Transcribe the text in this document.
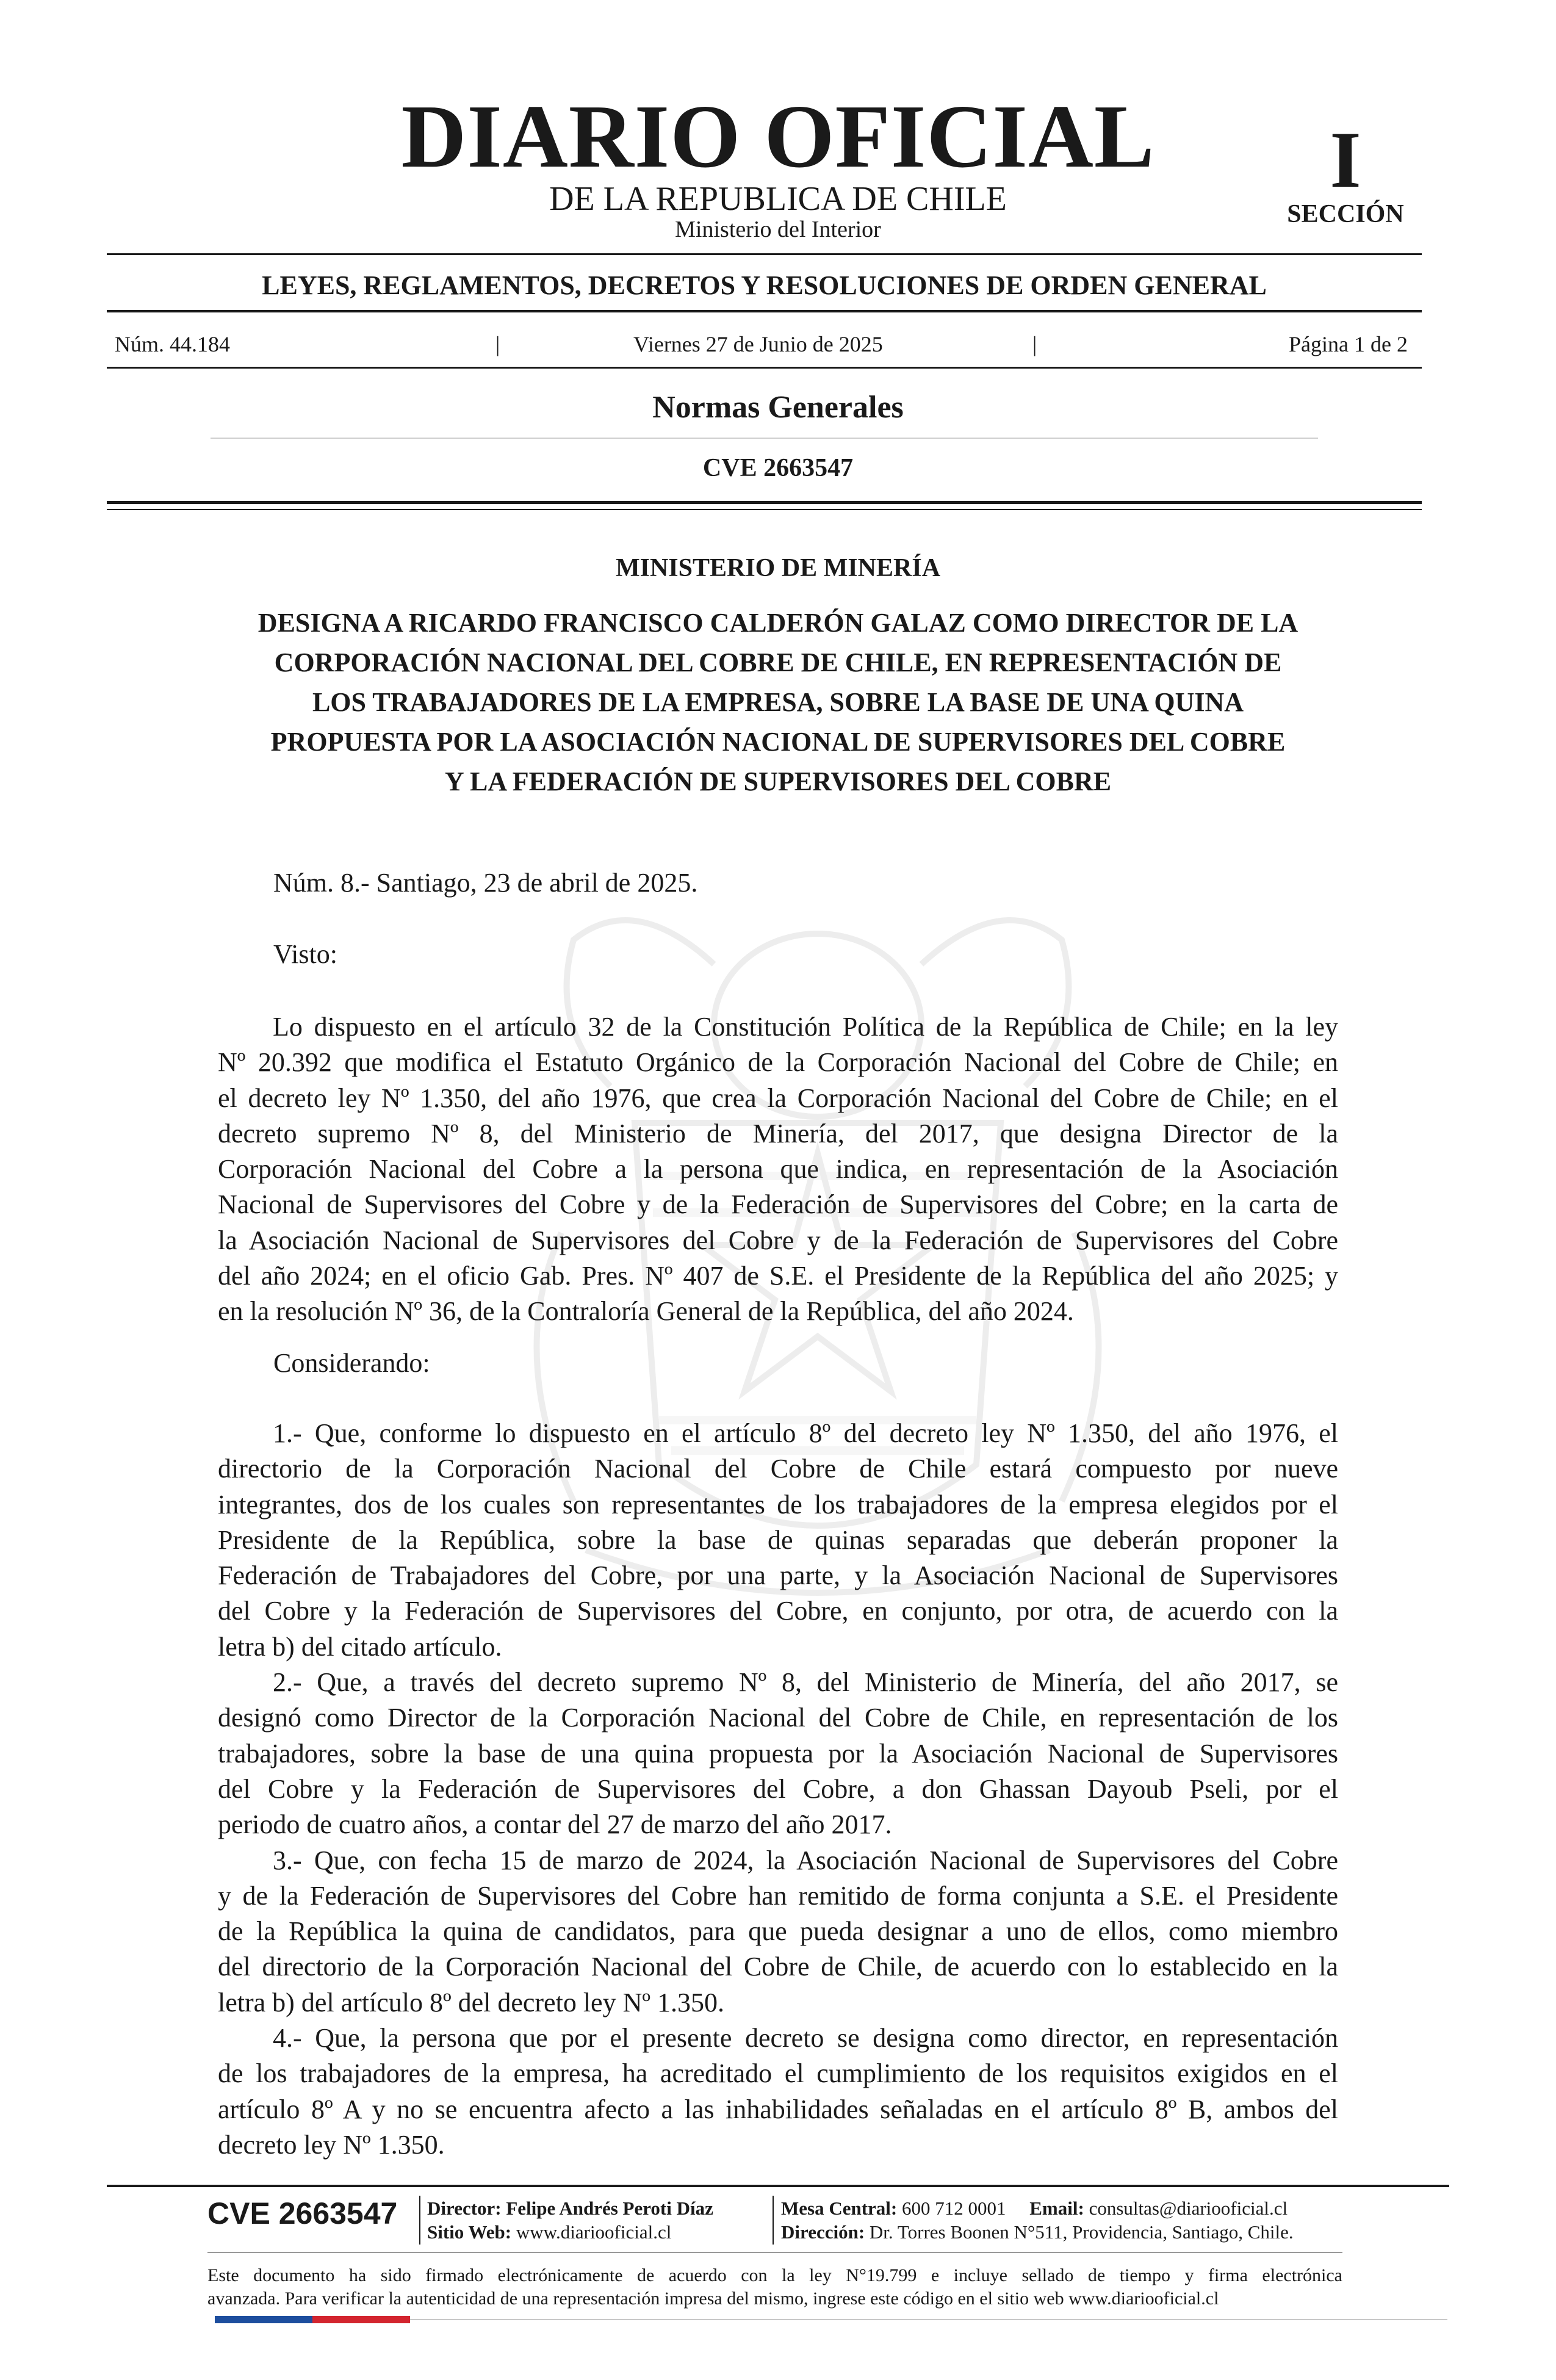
DIARIO OFICIAL
DE LA REPUBLICA DE CHILE
Ministerio del Interior
I
SECCIÓN
LEYES, REGLAMENTOS, DECRETOS Y RESOLUCIONES DE ORDEN GENERAL
Núm. 44.184	|	Viernes 27 de Junio de 2025	|	Página 1 de 2
Normas Generales
CVE 2663547
MINISTERIO DE MINERÍA
DESIGNA A RICARDO FRANCISCO CALDERÓN GALAZ COMO DIRECTOR DE LA
CORPORACIÓN NACIONAL DEL COBRE DE CHILE, EN REPRESENTACIÓN DE
LOS TRABAJADORES DE LA EMPRESA, SOBRE LA BASE DE UNA QUINA
PROPUESTA POR LA ASOCIACIÓN NACIONAL DE SUPERVISORES DEL COBRE
Y LA FEDERACIÓN DE SUPERVISORES DEL COBRE
Núm. 8.- Santiago, 23 de abril de 2025.
Visto:
Lo dispuesto en el artículo 32 de la Constitución Política de la República de Chile; en la ley
Nº 20.392 que modifica el Estatuto Orgánico de la Corporación Nacional del Cobre de Chile; en
el decreto ley Nº 1.350, del año 1976, que crea la Corporación Nacional del Cobre de Chile; en el
decreto supremo Nº 8, del Ministerio de Minería, del 2017, que designa Director de la
Corporación Nacional del Cobre a la persona que indica, en representación de la Asociación
Nacional de Supervisores del Cobre y de la Federación de Supervisores del Cobre; en la carta de
la Asociación Nacional de Supervisores del Cobre y de la Federación de Supervisores del Cobre
del año 2024; en el oficio Gab. Pres. Nº 407 de S.E. el Presidente de la República del año 2025; y
en la resolución Nº 36, de la Contraloría General de la República, del año 2024.
Considerando:
1.- Que, conforme lo dispuesto en el artículo 8º del decreto ley Nº 1.350, del año 1976, el
directorio de la Corporación Nacional del Cobre de Chile estará compuesto por nueve
integrantes, dos de los cuales son representantes de los trabajadores de la empresa elegidos por el
Presidente de la República, sobre la base de quinas separadas que deberán proponer la
Federación de Trabajadores del Cobre, por una parte, y la Asociación Nacional de Supervisores
del Cobre y la Federación de Supervisores del Cobre, en conjunto, por otra, de acuerdo con la
letra b) del citado artículo.
2.- Que, a través del decreto supremo Nº 8, del Ministerio de Minería, del año 2017, se
designó como Director de la Corporación Nacional del Cobre de Chile, en representación de los
trabajadores, sobre la base de una quina propuesta por la Asociación Nacional de Supervisores
del Cobre y la Federación de Supervisores del Cobre, a don Ghassan Dayoub Pseli, por el
periodo de cuatro años, a contar del 27 de marzo del año 2017.
3.- Que, con fecha 15 de marzo de 2024, la Asociación Nacional de Supervisores del Cobre
y de la Federación de Supervisores del Cobre han remitido de forma conjunta a S.E. el Presidente
de la República la quina de candidatos, para que pueda designar a uno de ellos, como miembro
del directorio de la Corporación Nacional del Cobre de Chile, de acuerdo con lo establecido en la
letra b) del artículo 8º del decreto ley Nº 1.350.
4.- Que, la persona que por el presente decreto se designa como director, en representación
de los trabajadores de la empresa, ha acreditado el cumplimiento de los requisitos exigidos en el
artículo 8º A y no se encuentra afecto a las inhabilidades señaladas en el artículo 8º B, ambos del
decreto ley Nº 1.350.
CVE 2663547	Director: Felipe Andrés Peroti Díaz
Sitio Web: www.diariooficial.cl
Mesa Central: 600 712 0001 Email: consultas@diariooficial.cl
Dirección: Dr. Torres Boonen N°511, Providencia, Santiago, Chile.
Este documento ha sido firmado electrónicamente de acuerdo con la ley N°19.799 e incluye sellado de tiempo y firma electrónica
avanzada. Para verificar la autenticidad de una representación impresa del mismo, ingrese este código en el sitio web www.diariooficial.cl
